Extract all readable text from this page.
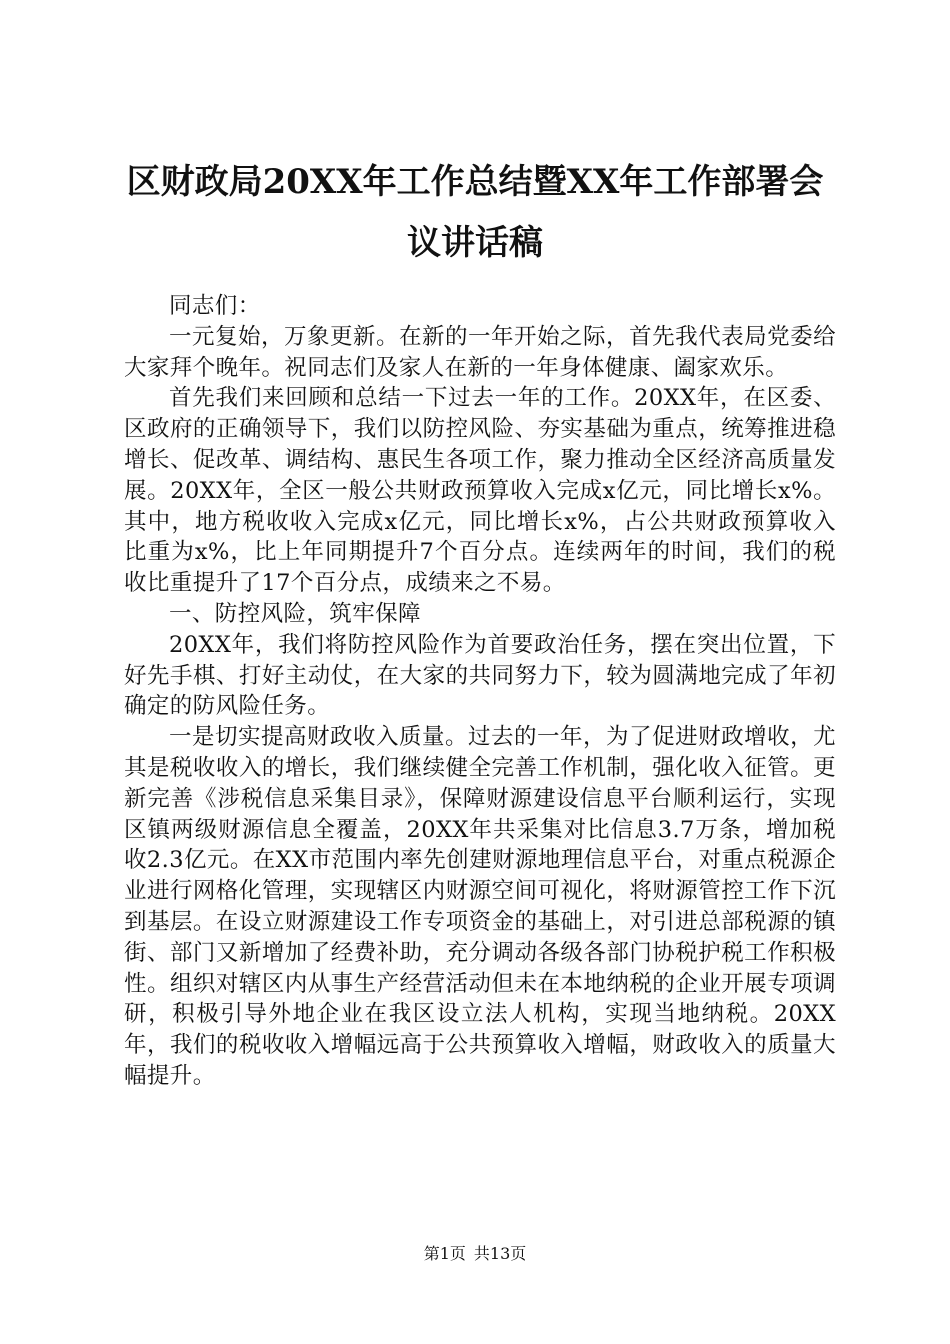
区财政局20XX年工作总结暨XX年工作部署会
议讲话稿

同志们：

一元复始，万象更新。在新的一年开始之际，首先我代表局党委给大家拜个晚年。祝同志们及家人在新的一年身体健康、阖家欢乐。

首先我们来回顾和总结一下过去一年的工作。20XX年，在区委、区政府的正确领导下，我们以防控风险、夯实基础为重点，统筹推进稳增长、促改革、调结构、惠民生各项工作，聚力推动全区经济高质量发展。20XX年，全区一般公共财政预算收入完成x亿元，同比增长x%。其中，地方税收收入完成x亿元，同比增长x%，占公共财政预算收入比重为x%，比上年同期提升7个百分点。连续两年的时间，我们的税收比重提升了17个百分点，成绩来之不易。

一、防控风险，筑牢保障

20XX年，我们将防控风险作为首要政治任务，摆在突出位置，下好先手棋、打好主动仗，在大家的共同努力下，较为圆满地完成了年初确定的防风险任务。

一是切实提高财政收入质量。过去的一年，为了促进财政增收，尤其是税收收入的增长，我们继续健全完善工作机制，强化收入征管。更新完善《涉税信息采集目录》，保障财源建设信息平台顺利运行，实现区镇两级财源信息全覆盖，20XX年共采集对比信息3.7万条，增加税收2.3亿元。在XX市范围内率先创建财源地理信息平台，对重点税源企业进行网格化管理，实现辖区内财源空间可视化，将财源管控工作下沉到基层。在设立财源建设工作专项资金的基础上，对引进总部税源的镇街、部门又新增加了经费补助，充分调动各级各部门协税护税工作积极性。组织对辖区内从事生产经营活动但未在本地纳税的企业开展专项调研，积极引导外地企业在我区设立法人机构，实现当地纳税。20XX年，我们的税收收入增幅远高于公共预算收入增幅，财政收入的质量大幅提升。

第1页 共13页
